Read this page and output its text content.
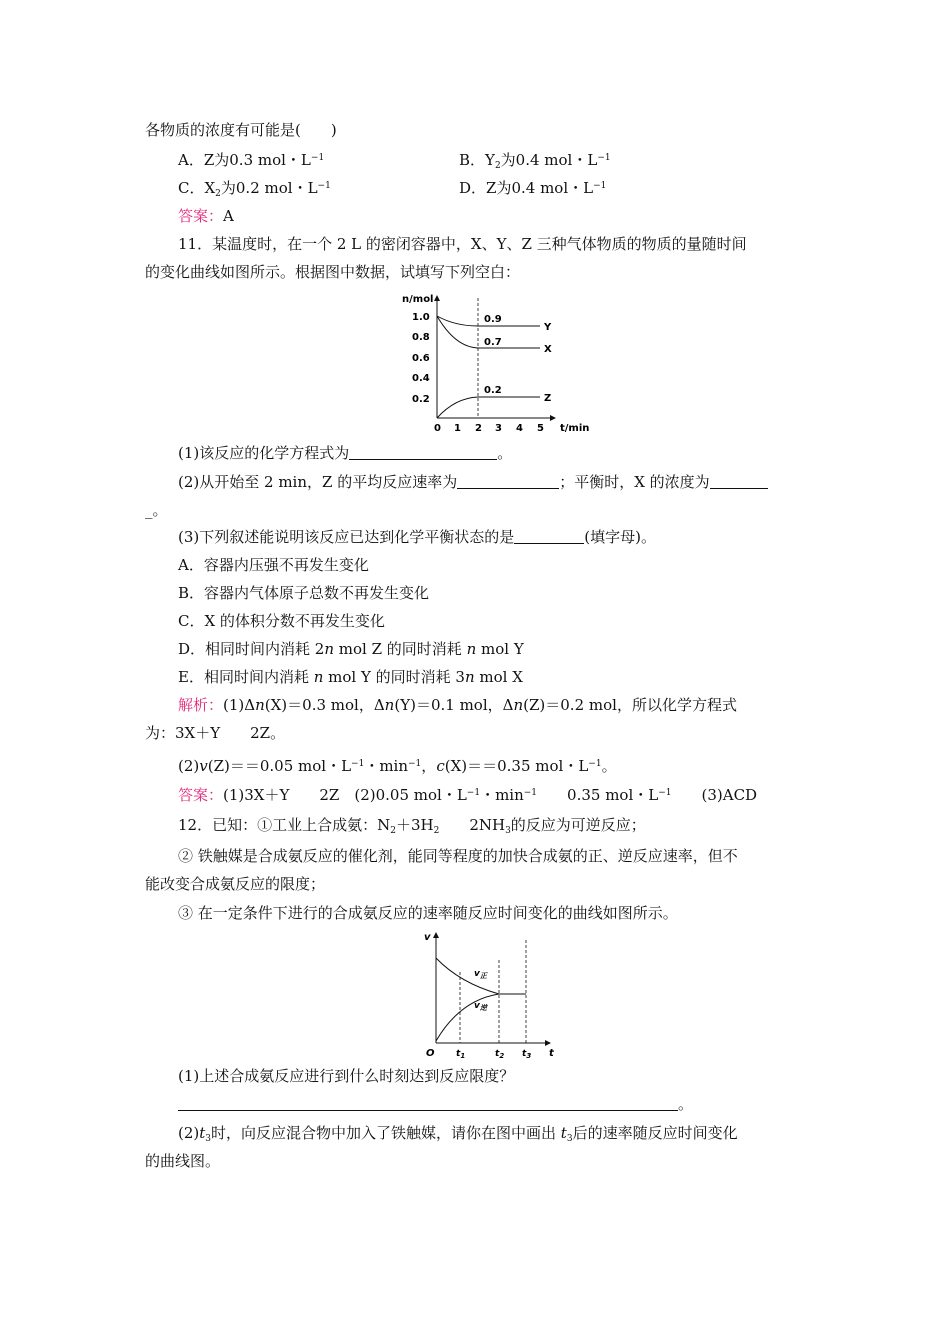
各物质的浓度有可能是(　　)
A．Z为0.3 mol・$L^{-1}$	B．$Y_2$为0.4 mol・$L^{-1}$
C．$X_2$为0.2 mol・$L^{-1}$	D．Z为0.4 mol・$L^{-1}$
答案：A
11．某温度时，在一个 2 L 的密闭容器中，X、Y、Z 三种气体物质的物质的量随时间
的变化曲线如图所示。根据图中数据，试填写下列空白：
n/mol
t/min
1.0
0.8
0.6
0.4
0.2
0 1 2 3 4 5
0.9
0.7
0.2
Y
X
Z
(1)该反应的化学方程式为	。
(2)从开始至 2 min，Z 的平均反应速率为	；平衡时，X 的浓度为
_。
(3)下列叙述能说明该反应已达到化学平衡状态的是	(填字母)。
A．容器内压强不再发生变化
B．容器内气体原子总数不再发生变化
C．X 的体积分数不再发生变化
D．相同时间内消耗 2n mol Z 的同时消耗 n mol Y
E．相同时间内消耗 n mol Y 的同时消耗 3n mol X
解析：(1)Δn(X)＝0.3 mol，Δn(Y)＝0.1 mol，Δn(Z)＝0.2 mol，所以化学方程式
为：3X＋Y　　2Z。
(2)v(Z)＝＝0.05 mol・$L^{-1}$・$\min^{-1}$，c(X)＝＝0.35 mol・$L^{-1}$。
答案：(1)3X＋Y　　2Z　(2)0.05 mol・$L^{-1}$・$\min^{-1}$　　0.35 mol・$L^{-1}$　　(3)ACD
12．已知：①工业上合成氨：$N_2+3H_2$　　$2NH_3$的反应为可逆反应；
② 铁触媒是合成氨反应的催化剂，能同等程度的加快合成氨的正、逆反应速率，但不
能改变合成氨反应的限度；
③ 在一定条件下进行的合成氨反应的速率随反应时间变化的曲线如图所示。
v
t
O
$v_正$
$v_逆$
$t_1$	$t_2$ $t_3$
(1)上述合成氨反应进行到什么时刻达到反应限度？
。
$(2)t_3$时，向反应混合物中加入了铁触媒，请你在图中画出 $t_3$后的速率随反应时间变化
的曲线图。
